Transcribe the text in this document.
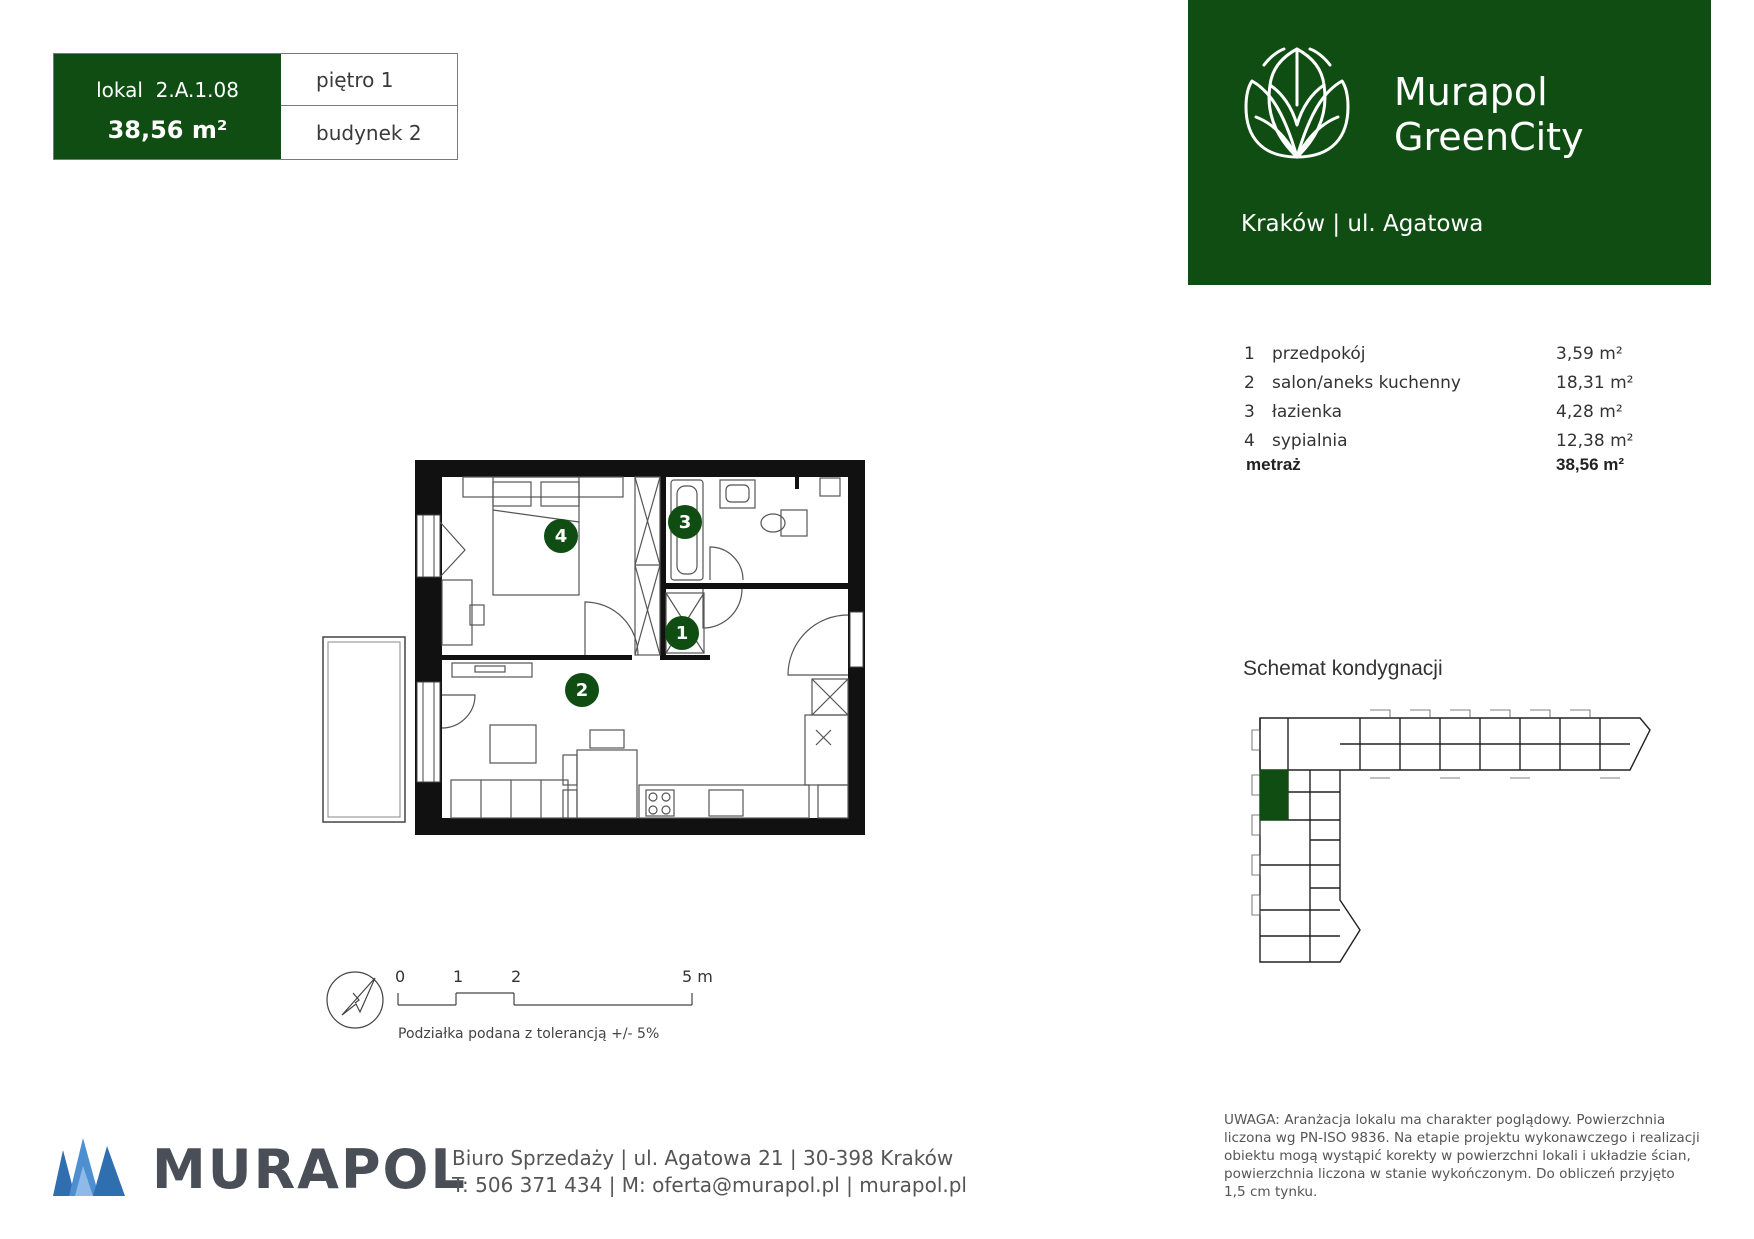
lokal  2.A.1.08
38,56 m²
piętro 1
budynek 2
Murapol
GreenCity
Kraków | ul. Agatowa
1 przedpokój	3,59 m²
2 salon/aneks kuchenny	18,31 m²
3 łazienka	4,28 m²
4 sypialnia	12,38 m²
metraż	38,56 m²
4
3
1
2
0	1	2	5 m
Podziałka podana z tolerancją +/- 5%
Schemat kondygnacji
MURAPOL
Biuro Sprzedaży | ul. Agatowa 21 | 30-398 Kraków
T: 506 371 434 | M: oferta@murapol.pl | murapol.pl
UWAGA: Aranżacja lokalu ma charakter poglądowy. Powierzchnia
liczona wg PN-ISO 9836. Na etapie projektu wykonawczego i realizacji
obiektu mogą wystąpić korekty w powierzchni lokali i układzie ścian,
powierzchnia liczona w stanie wykończonym. Do obliczeń przyjęto
1,5 cm tynku.
